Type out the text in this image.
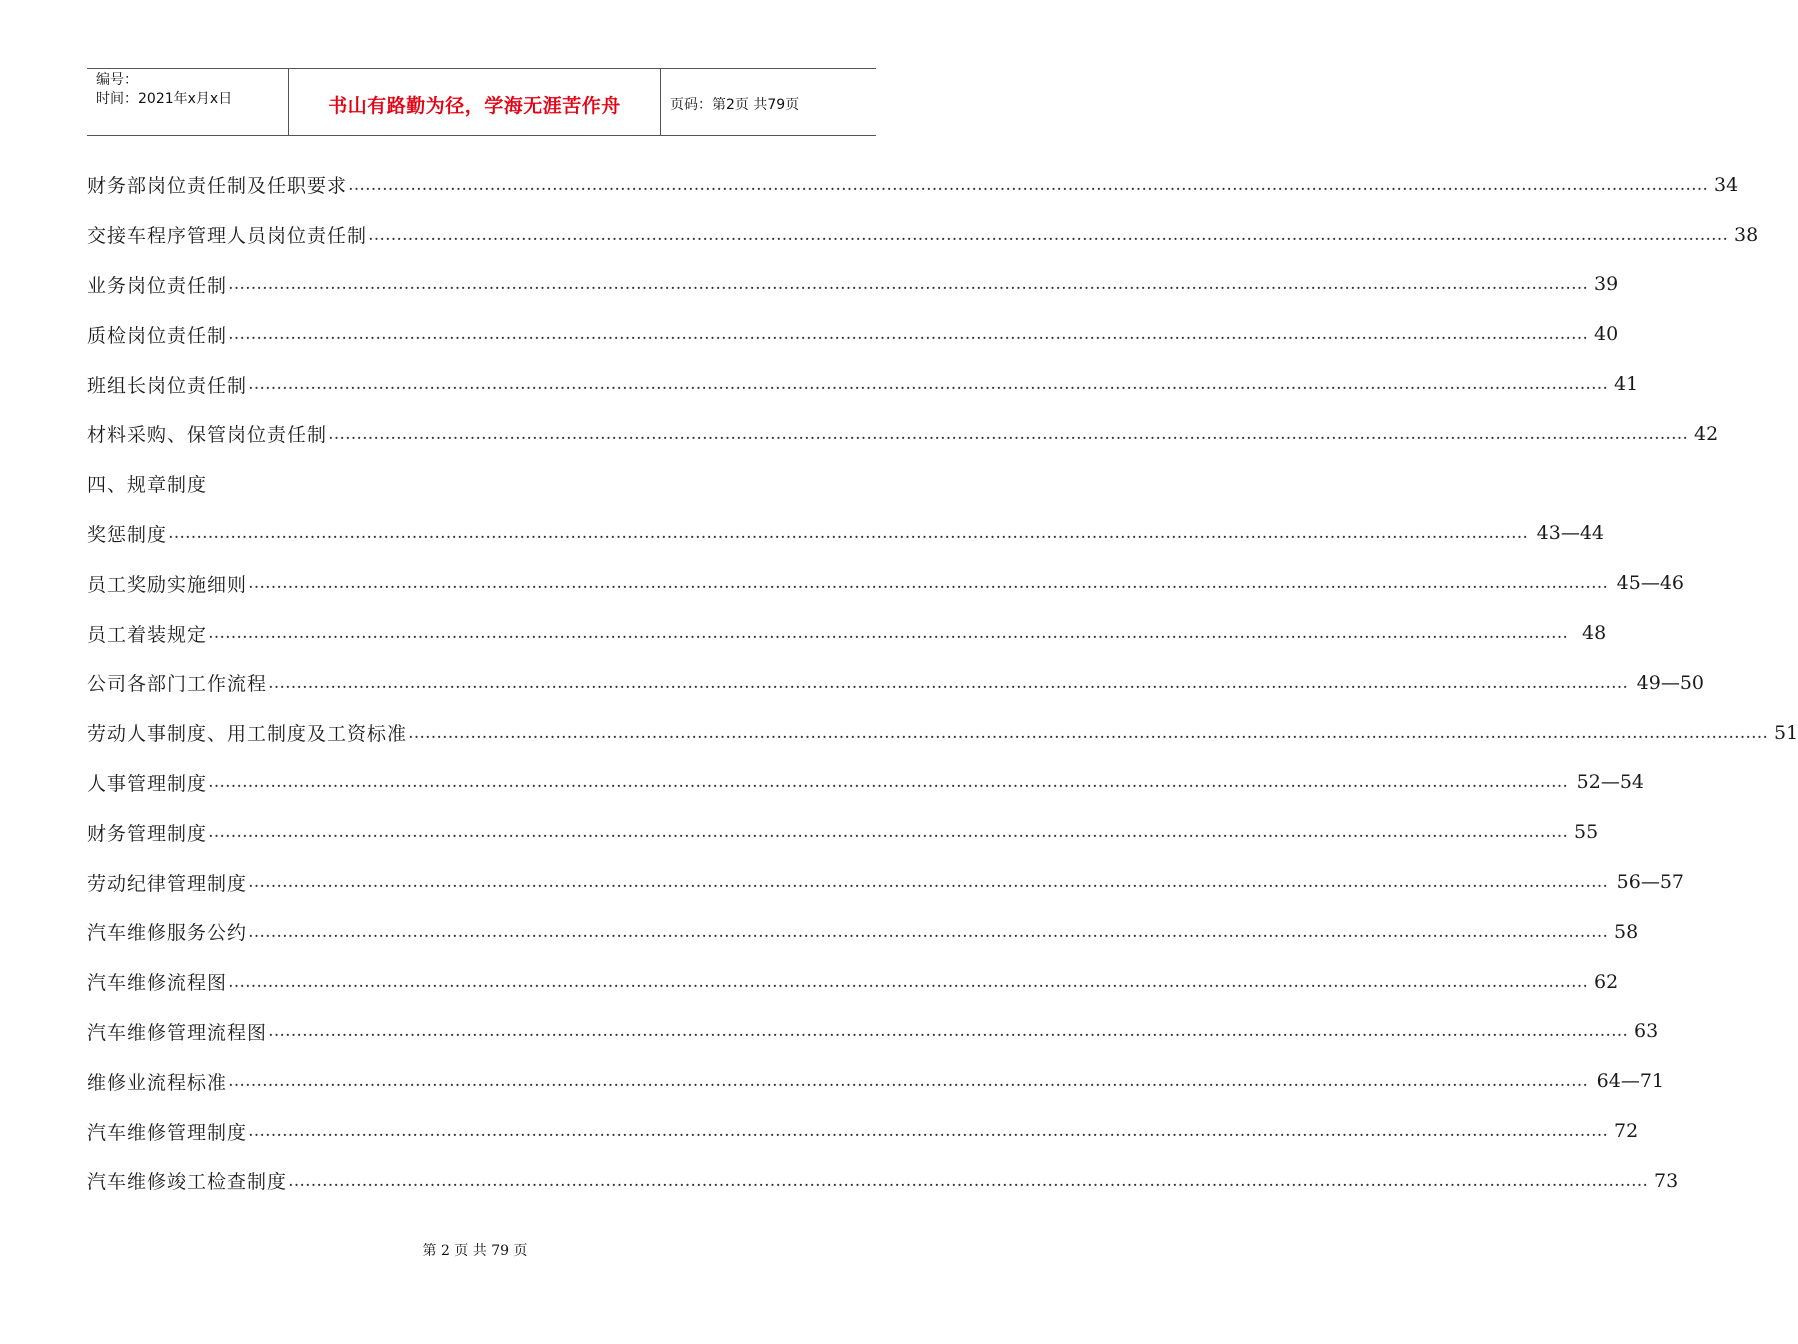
编号：
时间：2021年x月x日	书山有路勤为径，学海无涯苦作舟	页码：第2页 共79页
财务部岗位责任制及任职要求 …………………………………………………………………………………………………………………………………………………………………………………………………………………… 34
交接车程序管理人员岗位责任制 …………………………………………………………………………………………………………………………………………………………………………………………………………………… 38
业务岗位责任制 …………………………………………………………………………………………………………………………………………………………………………………………………………………… 39
质检岗位责任制 …………………………………………………………………………………………………………………………………………………………………………………………………………………… 40
班组长岗位责任制 …………………………………………………………………………………………………………………………………………………………………………………………………………………… 41
材料采购、保管岗位责任制 …………………………………………………………………………………………………………………………………………………………………………………………………………………… 42
四、规章制度
奖惩制度 …………………………………………………………………………………………………………………………………………………………………………………………………………………… 43—44
员工奖励实施细则 …………………………………………………………………………………………………………………………………………………………………………………………………………………… 45—46
员工着装规定 …………………………………………………………………………………………………………………………………………………………………………………………………………………… 48
公司各部门工作流程 …………………………………………………………………………………………………………………………………………………………………………………………………………………… 49—50
劳动人事制度、用工制度及工资标准 …………………………………………………………………………………………………………………………………………………………………………………………………………………… 51
人事管理制度 …………………………………………………………………………………………………………………………………………………………………………………………………………………… 52—54
财务管理制度 …………………………………………………………………………………………………………………………………………………………………………………………………………………… 55
劳动纪律管理制度 …………………………………………………………………………………………………………………………………………………………………………………………………………………… 56—57
汽车维修服务公约 …………………………………………………………………………………………………………………………………………………………………………………………………………………… 58
汽车维修流程图 …………………………………………………………………………………………………………………………………………………………………………………………………………………… 62
汽车维修管理流程图 …………………………………………………………………………………………………………………………………………………………………………………………………………………… 63
维修业流程标准 …………………………………………………………………………………………………………………………………………………………………………………………………………………… 64—71
汽车维修管理制度 …………………………………………………………………………………………………………………………………………………………………………………………………………………… 72
汽车维修竣工检查制度 …………………………………………………………………………………………………………………………………………………………………………………………………………………… 73
第 2 页 共 79 页
